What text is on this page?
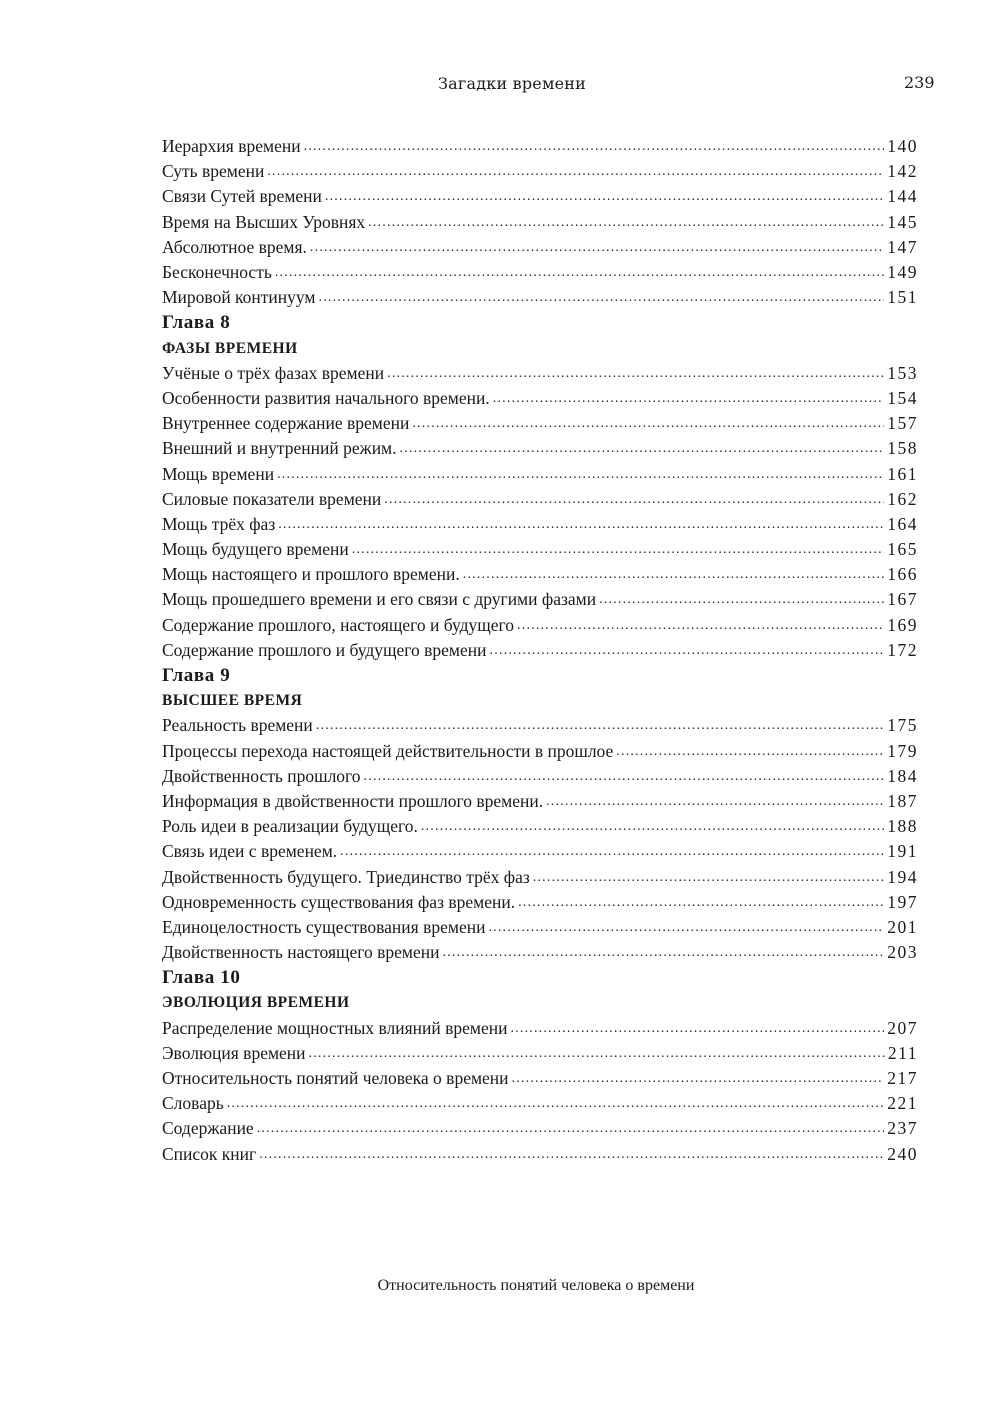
Загадки времени	239
Иерархия времени .....	140
Суть времени .....	142
Связи Сутей времени .....	144
Время на Высших Уровнях .....	145
Абсолютное время. .....	147
Бесконечность .....	149
Мировой континуум .....	151
Глава 8
ФАЗЫ ВРЕМЕНИ
Учёные о трёх фазах времени .....	153
Особенности развития начального времени. .....	154
Внутреннее содержание времени .....	157
Внешний и внутренний режим. .....	158
Мощь времени .....	161
Силовые показатели времени .....	162
Мощь трёх фаз .....	164
Мощь будущего времени .....	165
Мощь настоящего и прошлого времени. .....	166
Мощь прошедшего времени и его связи с другими фазами .....	167
Содержание прошлого, настоящего и будущего .....	169
Содержание прошлого и будущего времени .....	172
Глава 9
ВЫСШЕЕ ВРЕМЯ
Реальность времени .....	175
Процессы перехода настоящей действительности в прошлое .....	179
Двойственность прошлого .....	184
Информация в двойственности прошлого времени. .....	187
Роль идеи в реализации будущего. .....	188
Связь идеи с временем. .....	191
Двойственность будущего. Триединство трёх фаз .....	194
Одновременность существования фаз времени. .....	197
Единоцелостность существования времени .....	201
Двойственность настоящего времени .....	203
Глава 10
ЭВОЛЮЦИЯ ВРЕМЕНИ
Распределение мощностных влияний времени .....	207
Эволюция времени .....	211
Относительность понятий человека о времени .....	217
Словарь .....	221
Содержание .....	237
Список книг .....	240
Относительность понятий человека о времени
